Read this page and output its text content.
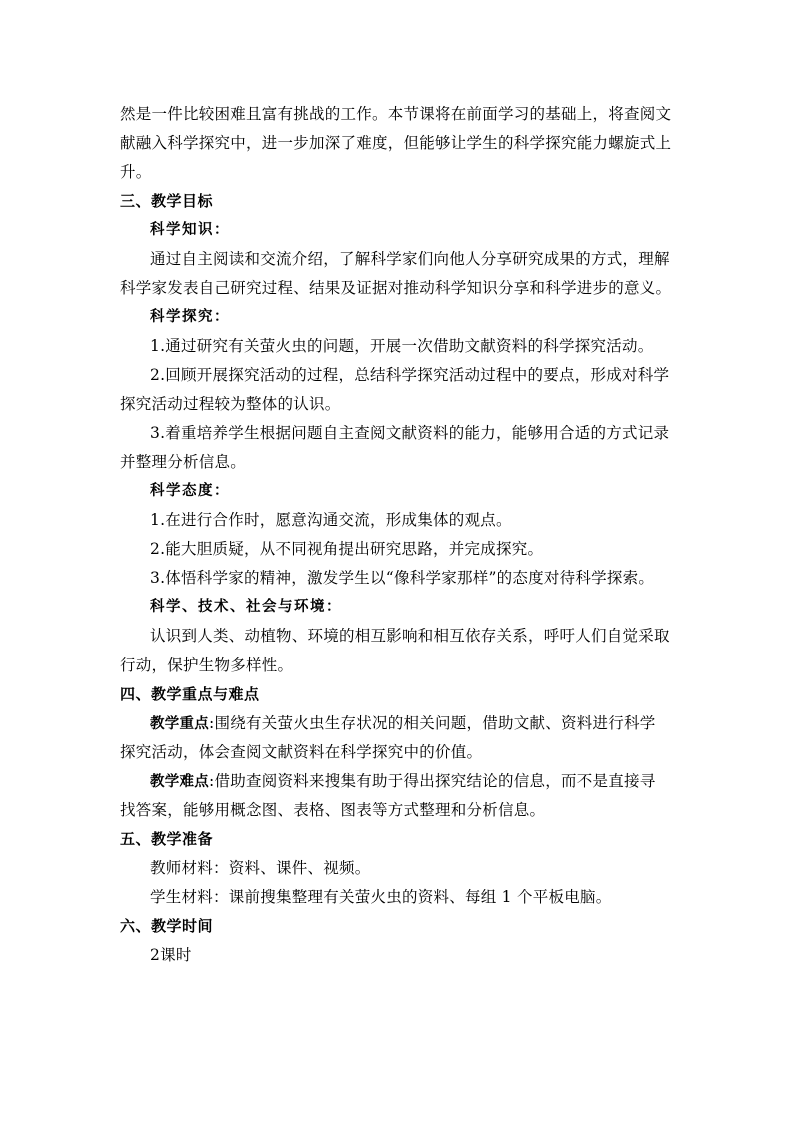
然是一件比较困难且富有挑战的工作。本节课将在前面学习的基础上，将查阅文
献融入科学探究中，进一步加深了难度，但能够让学生的科学探究能力螺旋式上
升。
三、教学目标
科学知识：
通过自主阅读和交流介绍，了解科学家们向他人分享研究成果的方式，理解
科学家发表自己研究过程、结果及证据对推动科学知识分享和科学进步的意义。
科学探究：
1.通过研究有关萤火虫的问题，开展一次借助文献资料的科学探究活动。
2.回顾开展探究活动的过程，总结科学探究活动过程中的要点，形成对科学
探究活动过程较为整体的认识。
3.着重培养学生根据问题自主查阅文献资料的能力，能够用合适的方式记录
并整理分析信息。
科学态度：
1.在进行合作时，愿意沟通交流，形成集体的观点。
2.能大胆质疑，从不同视角提出研究思路，并完成探究。
3.体悟科学家的精神，激发学生以“像科学家那样”的态度对待科学探索。
科学、技术、社会与环境：
认识到人类、动植物、环境的相互影响和相互依存关系，呼吁人们自觉采取
行动，保护生物多样性。
四、教学重点与难点
教学重点:围绕有关萤火虫生存状况的相关问题，借助文献、资料进行科学
探究活动，体会查阅文献资料在科学探究中的价值。
教学难点:借助查阅资料来搜集有助于得出探究结论的信息，而不是直接寻
找答案，能够用概念图、表格、图表等方式整理和分析信息。
五、教学准备
教师材料：资料、课件、视频。
学生材料：课前搜集整理有关萤火虫的资料、每组 1 个平板电脑。
六、教学时间
2课时
